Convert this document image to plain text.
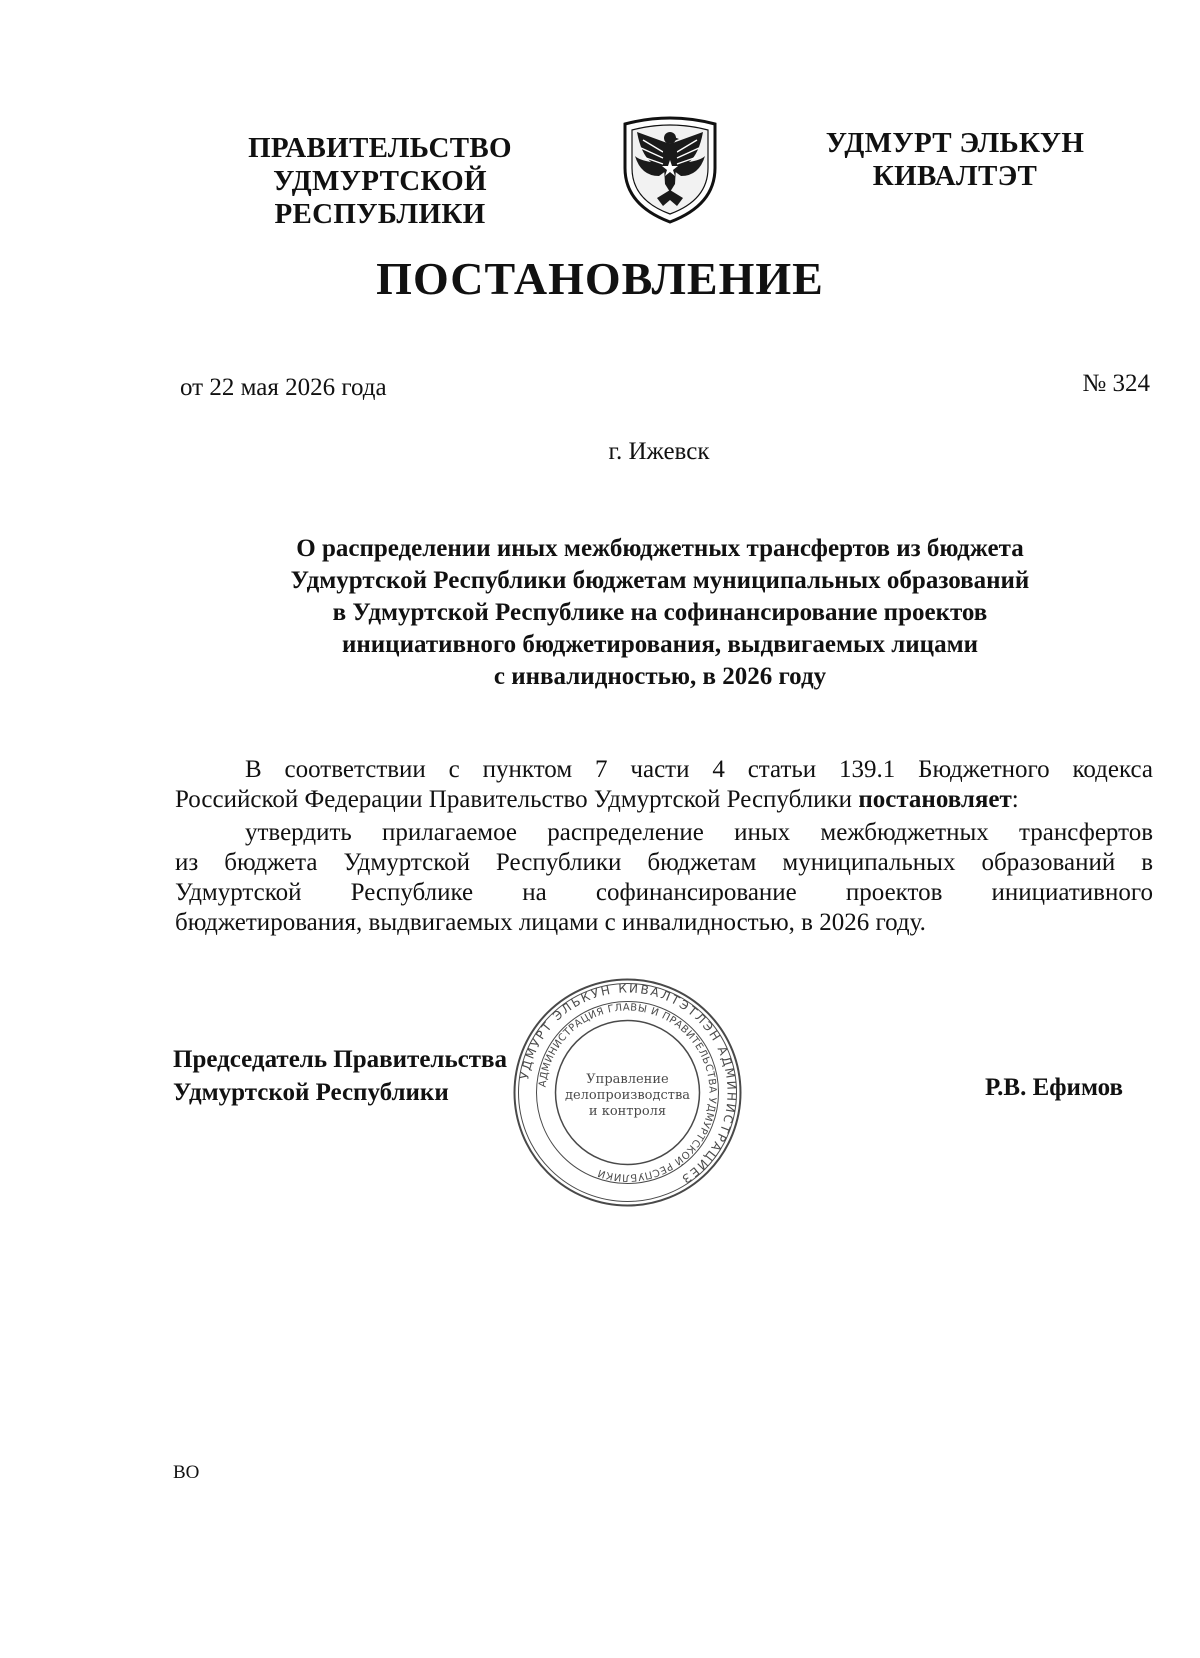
ПРАВИТЕЛЬСТВО
УДМУРТСКОЙ РЕСПУБЛИКИ
УДМУРТ ЭЛЬКУН
КИВАЛТЭТ
ПОСТАНОВЛЕНИЕ
от 22 мая 2026 года	№ 324
г. Ижевск
О распределении иных межбюджетных трансфертов из бюджета
Удмуртской Республики бюджетам муниципальных образований
в Удмуртской Республике на софинансирование проектов
инициативного бюджетирования, выдвигаемых лицами
с инвалидностью, в 2026 году
В соответствии с пунктом 7 части 4 статьи 139.1 Бюджетного кодекса
Российской Федерации Правительство Удмуртской Республики постановляет:
утвердить прилагаемое распределение иных межбюджетных трансфертов
из бюджета Удмуртской Республики бюджетам муниципальных образований в
Удмуртской Республике на софинансирование проектов инициативного
бюджетирования, выдвигаемых лицами с инвалидностью, в 2026 году.
Председатель Правительства
Удмуртской Республики	Р.В. Ефимов
УДМУРТ ЭЛЬКУН КИВАЛТЭТЛЭН АДМИНИСТРАЦИЕЗ
АДМИНИСТРАЦИЯ ГЛАВЫ И ПРАВИТЕЛЬСТВА УДМУРТСКОЙ РЕСПУБЛИКИ
Управление
делопроизводства
и контроля
ВО
